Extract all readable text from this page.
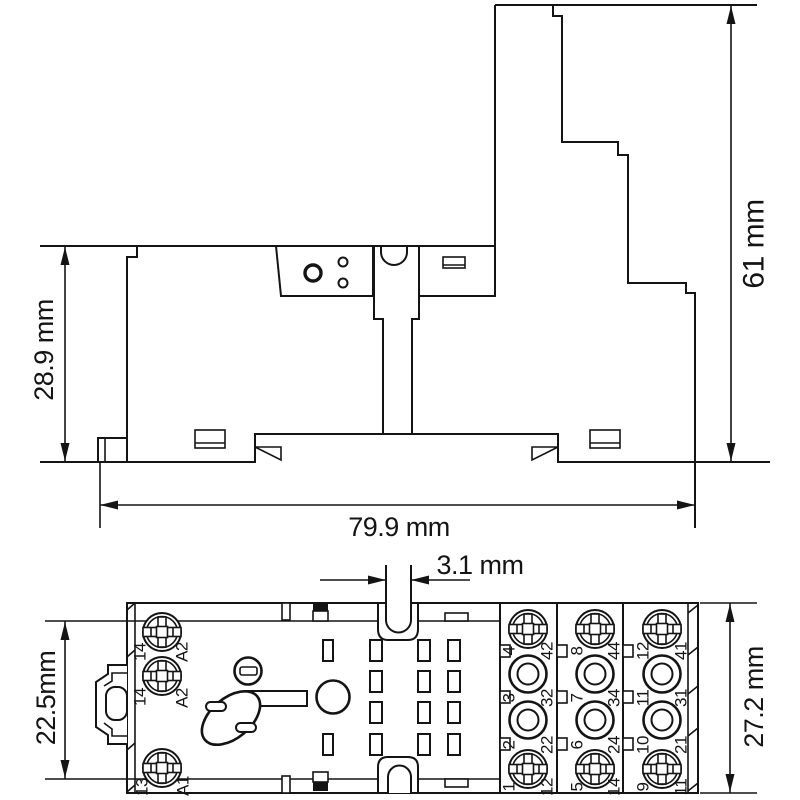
28.9 mm
61 mm
79.9 mm
14 A2
14 A2
13 A1
4 42
3 32
2 22
1 12
8 44
7 34
6 24
5 14
12 41
11 31
10 21
9 11
3.1 mm
22.5mm	27.2 mm
